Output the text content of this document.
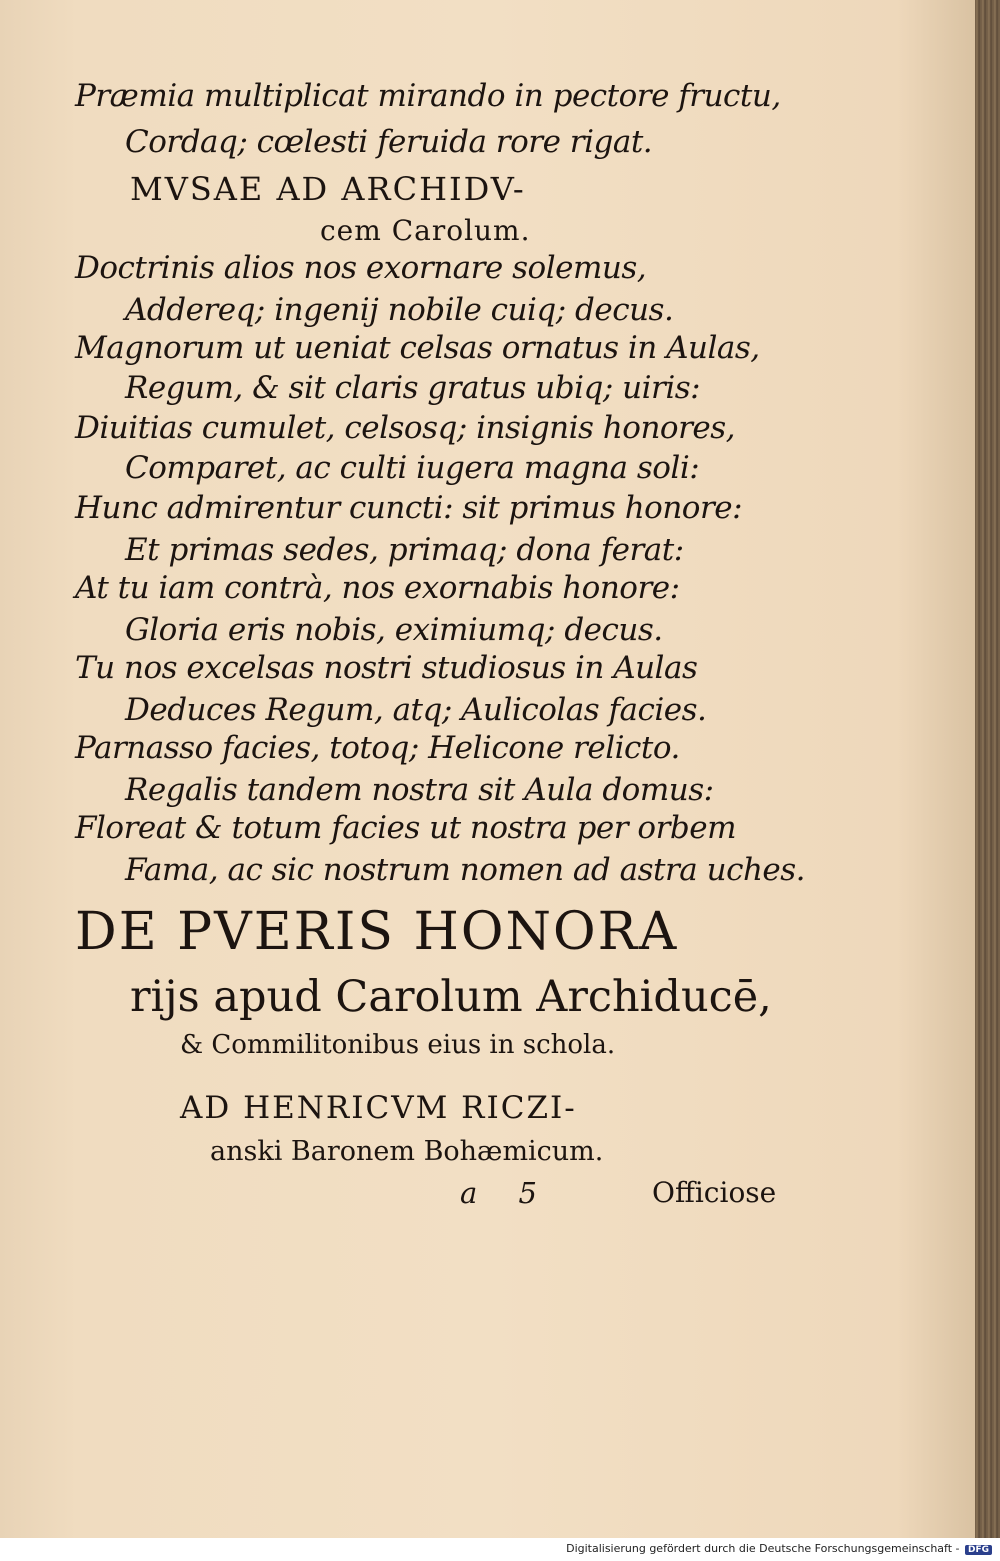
Præmia multiplicat mirando in pectore fructu,
Cordaq; cœlesti feruida rore rigat.
MVSAE AD ARCHIDV-
cem Carolum.
Doctrinis alios nos exornare solemus,
Addereq; ingenij nobile cuiq; decus.
Magnorum ut ueniat celsas ornatus in Aulas,
Regum, & sit claris gratus ubiq; uiris:
Diuitias cumulet, celsosq; insignis honores,
Comparet, ac culti iugera magna soli:
Hunc admirentur cuncti: sit primus honore:
Et primas sedes, primaq; dona ferat:
At tu iam contrà, nos exornabis honore:
Gloria eris nobis, eximiumq; decus.
Tu nos excelsas nostri studiosus in Aulas
Deduces Regum, atq; Aulicolas facies.
Parnasso facies, totoq; Helicone relicto.
Regalis tandem nostra sit Aula domus:
Floreat & totum facies ut nostra per orbem
Fama, ac sic nostrum nomen ad astra uches.
DE PVERIS HONORA
rijs apud Carolum Archiducē,
& Commilitonibus eius in schola.
AD HENRICVM RICZI-
anski Baronem Bohæmicum.
a 5	Officiose
Digitalisierung gefördert durch die Deutsche Forschungsgemeinschaft - DFG
